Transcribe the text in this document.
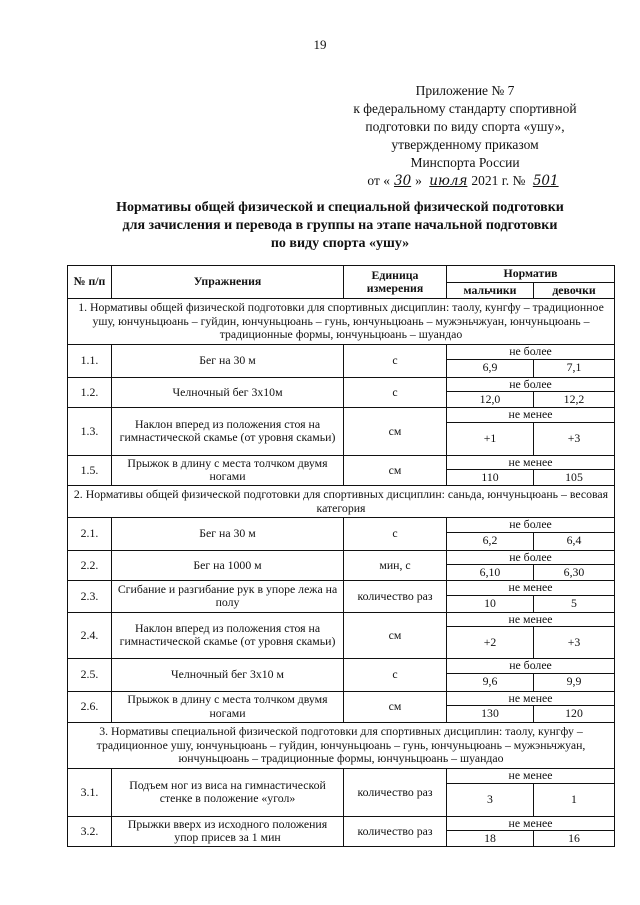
19
Приложение № 7
к федеральному стандарту спортивной
подготовки по виду спорта «ушу»,
утвержденному приказом
Минспорта России
от « 30 » июля 2021 г. № 501
Нормативы общей физической и специальной физической подготовки
для зачисления и перевода в группы на этапе начальной подготовки
по виду спорта «ушу»
№ п/п	Упражнения	Единица измерения	Норматив	
			мальчики	девочки
1. Нормативы общей физической подготовки для спортивных дисциплин: таолу, кунгфу – традиционное ушу, юнчуньцюань – гуйдин, юнчуньцюань – гунь, юнчуньцюань – мужэньчжуан, юнчуньцюань – традиционные формы, юнчуньцюань – шуандао				
1.1.	Бег на 30 м	с	не более	
			6,9	7,1
1.2.	Челночный бег 3х10м	с	не более	
			12,0	12,2
1.3.	Наклон вперед из положения стоя на гимнастической скамье (от уровня скамьи)	см	не менее	
			+1	+3
1.5.	Прыжок в длину с места толчком двумя ногами	см	не менее	
			110	105
2. Нормативы общей физической подготовки для спортивных дисциплин: саньда, юнчуньцюань – весовая категория				
2.1.	Бег на 30 м	с	не более	
			6,2	6,4
2.2.	Бег на 1000 м	мин, с	не более	
			6,10	6,30
2.3.	Сгибание и разгибание рук в упоре лежа на полу	количество раз	не менее	
			10	5
2.4.	Наклон вперед из положения стоя на гимнастической скамье (от уровня скамьи)	см	не менее	
			+2	+3
2.5.	Челночный бег 3х10 м	с	не более	
			9,6	9,9
2.6.	Прыжок в длину с места толчком двумя ногами	см	не менее	
			130	120
3. Нормативы специальной физической подготовки для спортивных дисциплин: таолу, кунгфу – традиционное ушу, юнчуньцюань – гуйдин, юнчуньцюань – гунь, юнчуньцюань – мужэньчжуан, юнчуньцюань – традиционные формы, юнчуньцюань – шуандао				
3.1.	Подъем ног из виса на гимнастической стенке в положение «угол»	количество раз	не менее	
			3	1
3.2.	Прыжки вверх из исходного положения упор присев за 1 мин	количество раз	не менее	
			18	16
